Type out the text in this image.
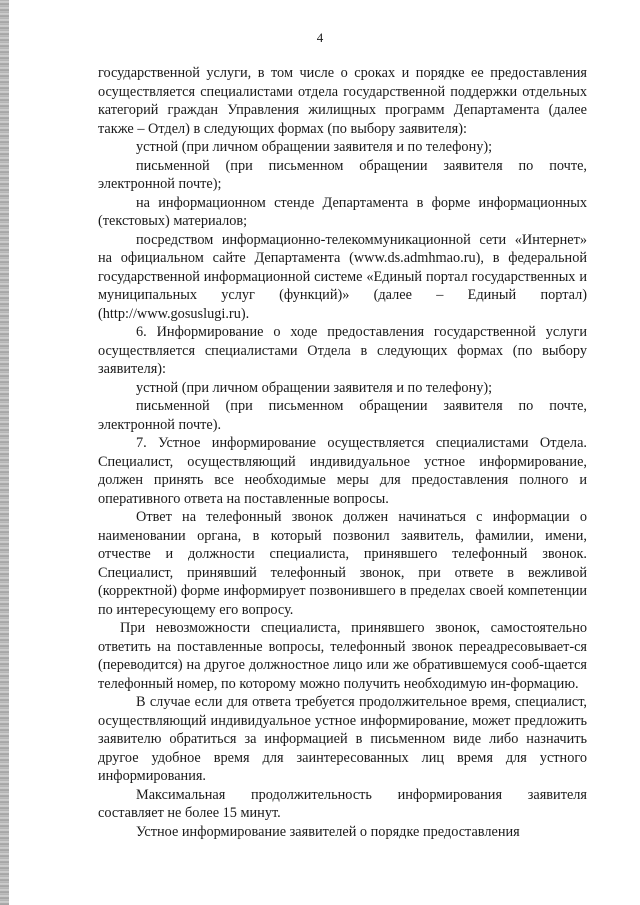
4

государственной услуги, в том числе о сроках и порядке ее предоставления осуществляется специалистами отдела государственной поддержки отдельных категорий граждан Управления жилищных программ Департамента (далее также – Отдел) в следующих формах (по выбору заявителя):

устной (при личном обращении заявителя и по телефону);

письменной (при письменном обращении заявителя по почте, электронной почте);

на информационном стенде Департамента в форме информационных (текстовых) материалов;

посредством информационно-телекоммуникационной сети «Интернет» на официальном сайте Департамента (www.ds.admhmao.ru), в федеральной государственной информационной системе «Единый портал государственных и муниципальных услуг (функций)» (далее – Единый портал) (http://www.gosuslugi.ru).

6. Информирование о ходе предоставления государственной услуги осуществляется специалистами Отдела в следующих формах (по выбору заявителя):

устной (при личном обращении заявителя и по телефону);

письменной (при письменном обращении заявителя по почте, электронной почте).

7. Устное информирование осуществляется специалистами Отдела. Специалист, осуществляющий индивидуальное устное информирование, должен принять все необходимые меры для предоставления полного и оперативного ответа на поставленные вопросы.

Ответ на телефонный звонок должен начинаться с информации о наименовании органа, в который позвонил заявитель, фамилии, имени, отчестве и должности специалиста, принявшего телефонный звонок. Специалист, принявший телефонный звонок, при ответе в вежливой (корректной) форме информирует позвонившего в пределах своей компетенции по интересующему его вопросу.

При невозможности специалиста, принявшего звонок, самостоятельно ответить на поставленные вопросы, телефонный звонок переадресовывает-ся (переводится) на другое должностное лицо или же обратившемуся сооб-щается телефонный номер, по которому можно получить необходимую ин-формацию.

В случае если для ответа требуется продолжительное время, специалист, осуществляющий индивидуальное устное информирование, может предложить заявителю обратиться за информацией в письменном виде либо назначить другое удобное время для заинтересованных лиц время для устного информирования.

Максимальная продолжительность информирования заявителя составляет не более 15 минут.

Устное информирование заявителей о порядке предоставления
